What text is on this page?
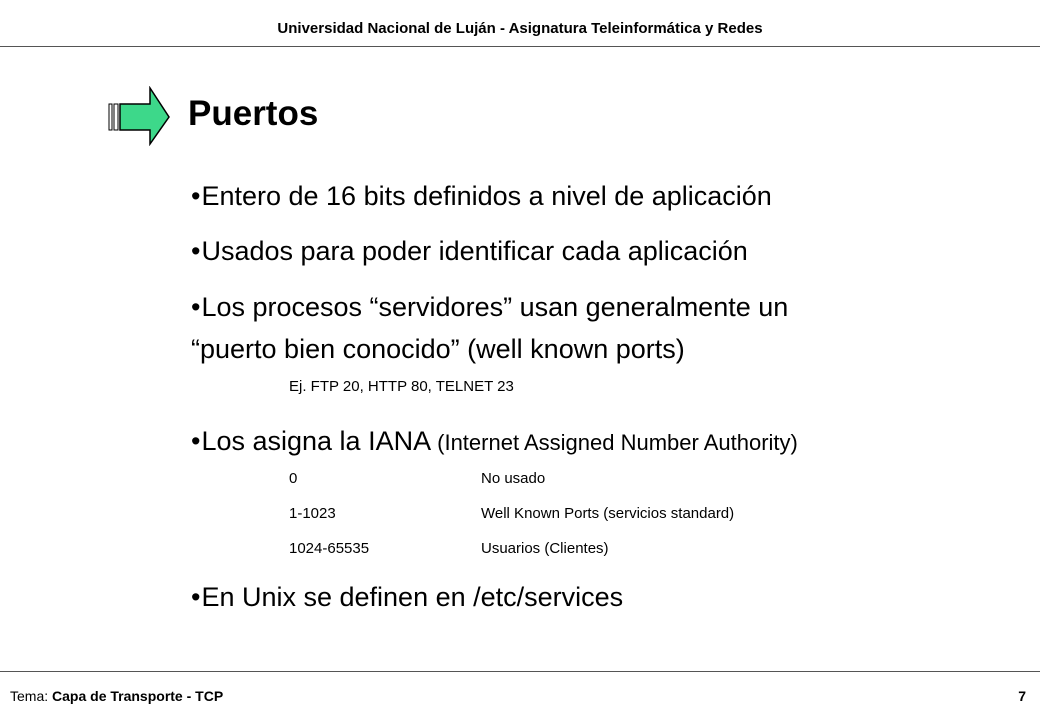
Universidad Nacional de Luján - Asignatura Teleinformática y Redes
Puertos
•Entero de 16 bits definidos a nivel de aplicación
•Usados para poder identificar cada aplicación
•Los procesos “servidores” usan generalmente un
“puerto bien conocido” (well known ports)
Ej. FTP 20, HTTP 80, TELNET 23
•Los asigna la IANA (Internet Assigned Number Authority)
0	No usado
1-1023	Well Known Ports (servicios standard)
1024-65535	Usuarios (Clientes)
•En Unix se definen en /etc/services
Tema: Capa de Transporte - TCP	7
